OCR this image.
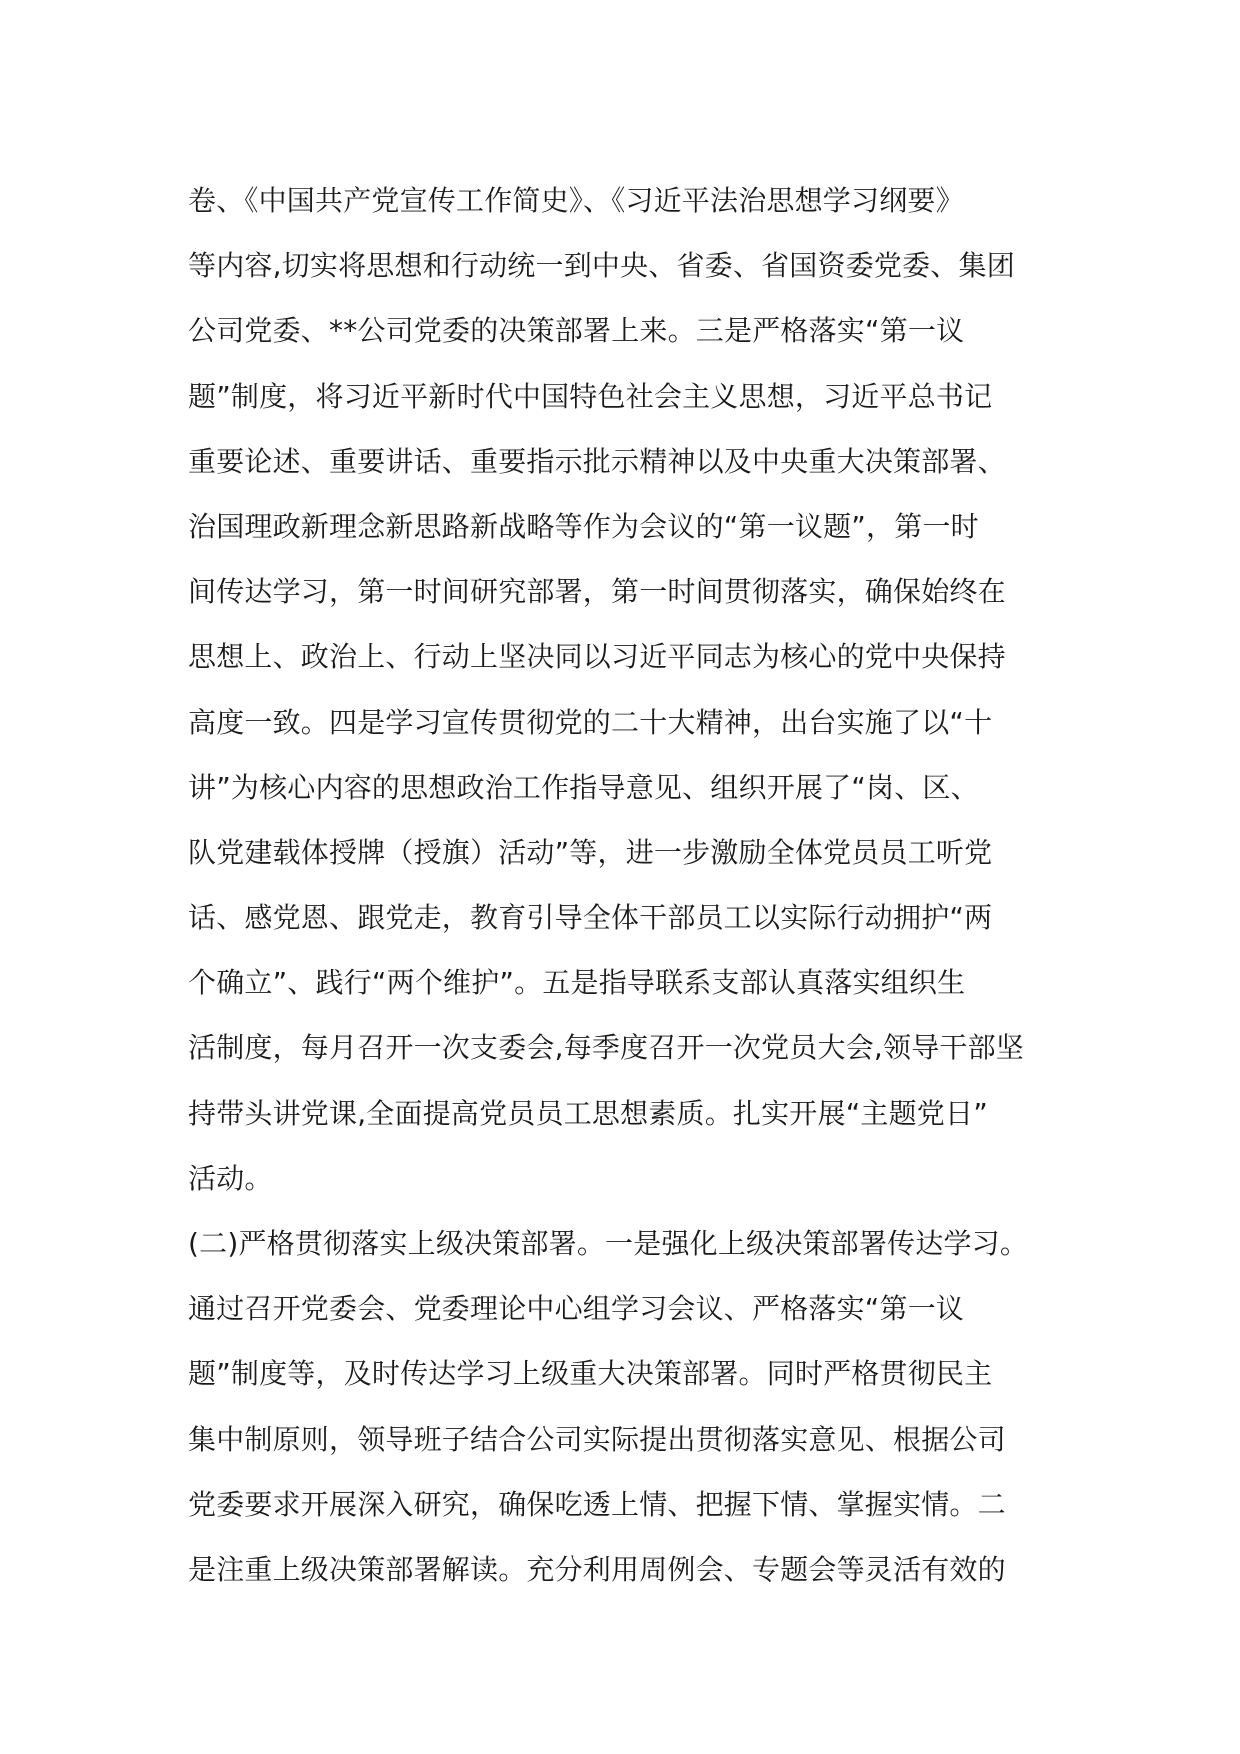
卷、《中国共产党宣传工作简史》、《习近平法治思想学习纲要》
等内容,切实将思想和行动统一到中央、省委、省国资委党委、集团
公司党委、**公司党委的决策部署上来。三是严格落实“第一议
题”制度，将习近平新时代中国特色社会主义思想，习近平总书记
重要论述、重要讲话、重要指示批示精神以及中央重大决策部署、
治国理政新理念新思路新战略等作为会议的“第一议题”，第一时
间传达学习，第一时间研究部署，第一时间贯彻落实，确保始终在
思想上、政治上、行动上坚决同以习近平同志为核心的党中央保持
高度一致。四是学习宣传贯彻党的二十大精神，出台实施了以“十
讲”为核心内容的思想政治工作指导意见、组织开展了“岗、区、
队党建载体授牌（授旗）活动”等，进一步激励全体党员员工听党
话、感党恩、跟党走，教育引导全体干部员工以实际行动拥护“两
个确立”、践行“两个维护”。五是指导联系支部认真落实组织生
活制度，每月召开一次支委会,每季度召开一次党员大会,领导干部坚
持带头讲党课,全面提高党员员工思想素质。扎实开展“主题党日”
活动。
(二)严格贯彻落实上级决策部署。一是强化上级决策部署传达学习。
通过召开党委会、党委理论中心组学习会议、严格落实“第一议
题”制度等，及时传达学习上级重大决策部署。同时严格贯彻民主
集中制原则，领导班子结合公司实际提出贯彻落实意见、根据公司
党委要求开展深入研究，确保吃透上情、把握下情、掌握实情。二
是注重上级决策部署解读。充分利用周例会、专题会等灵活有效的
